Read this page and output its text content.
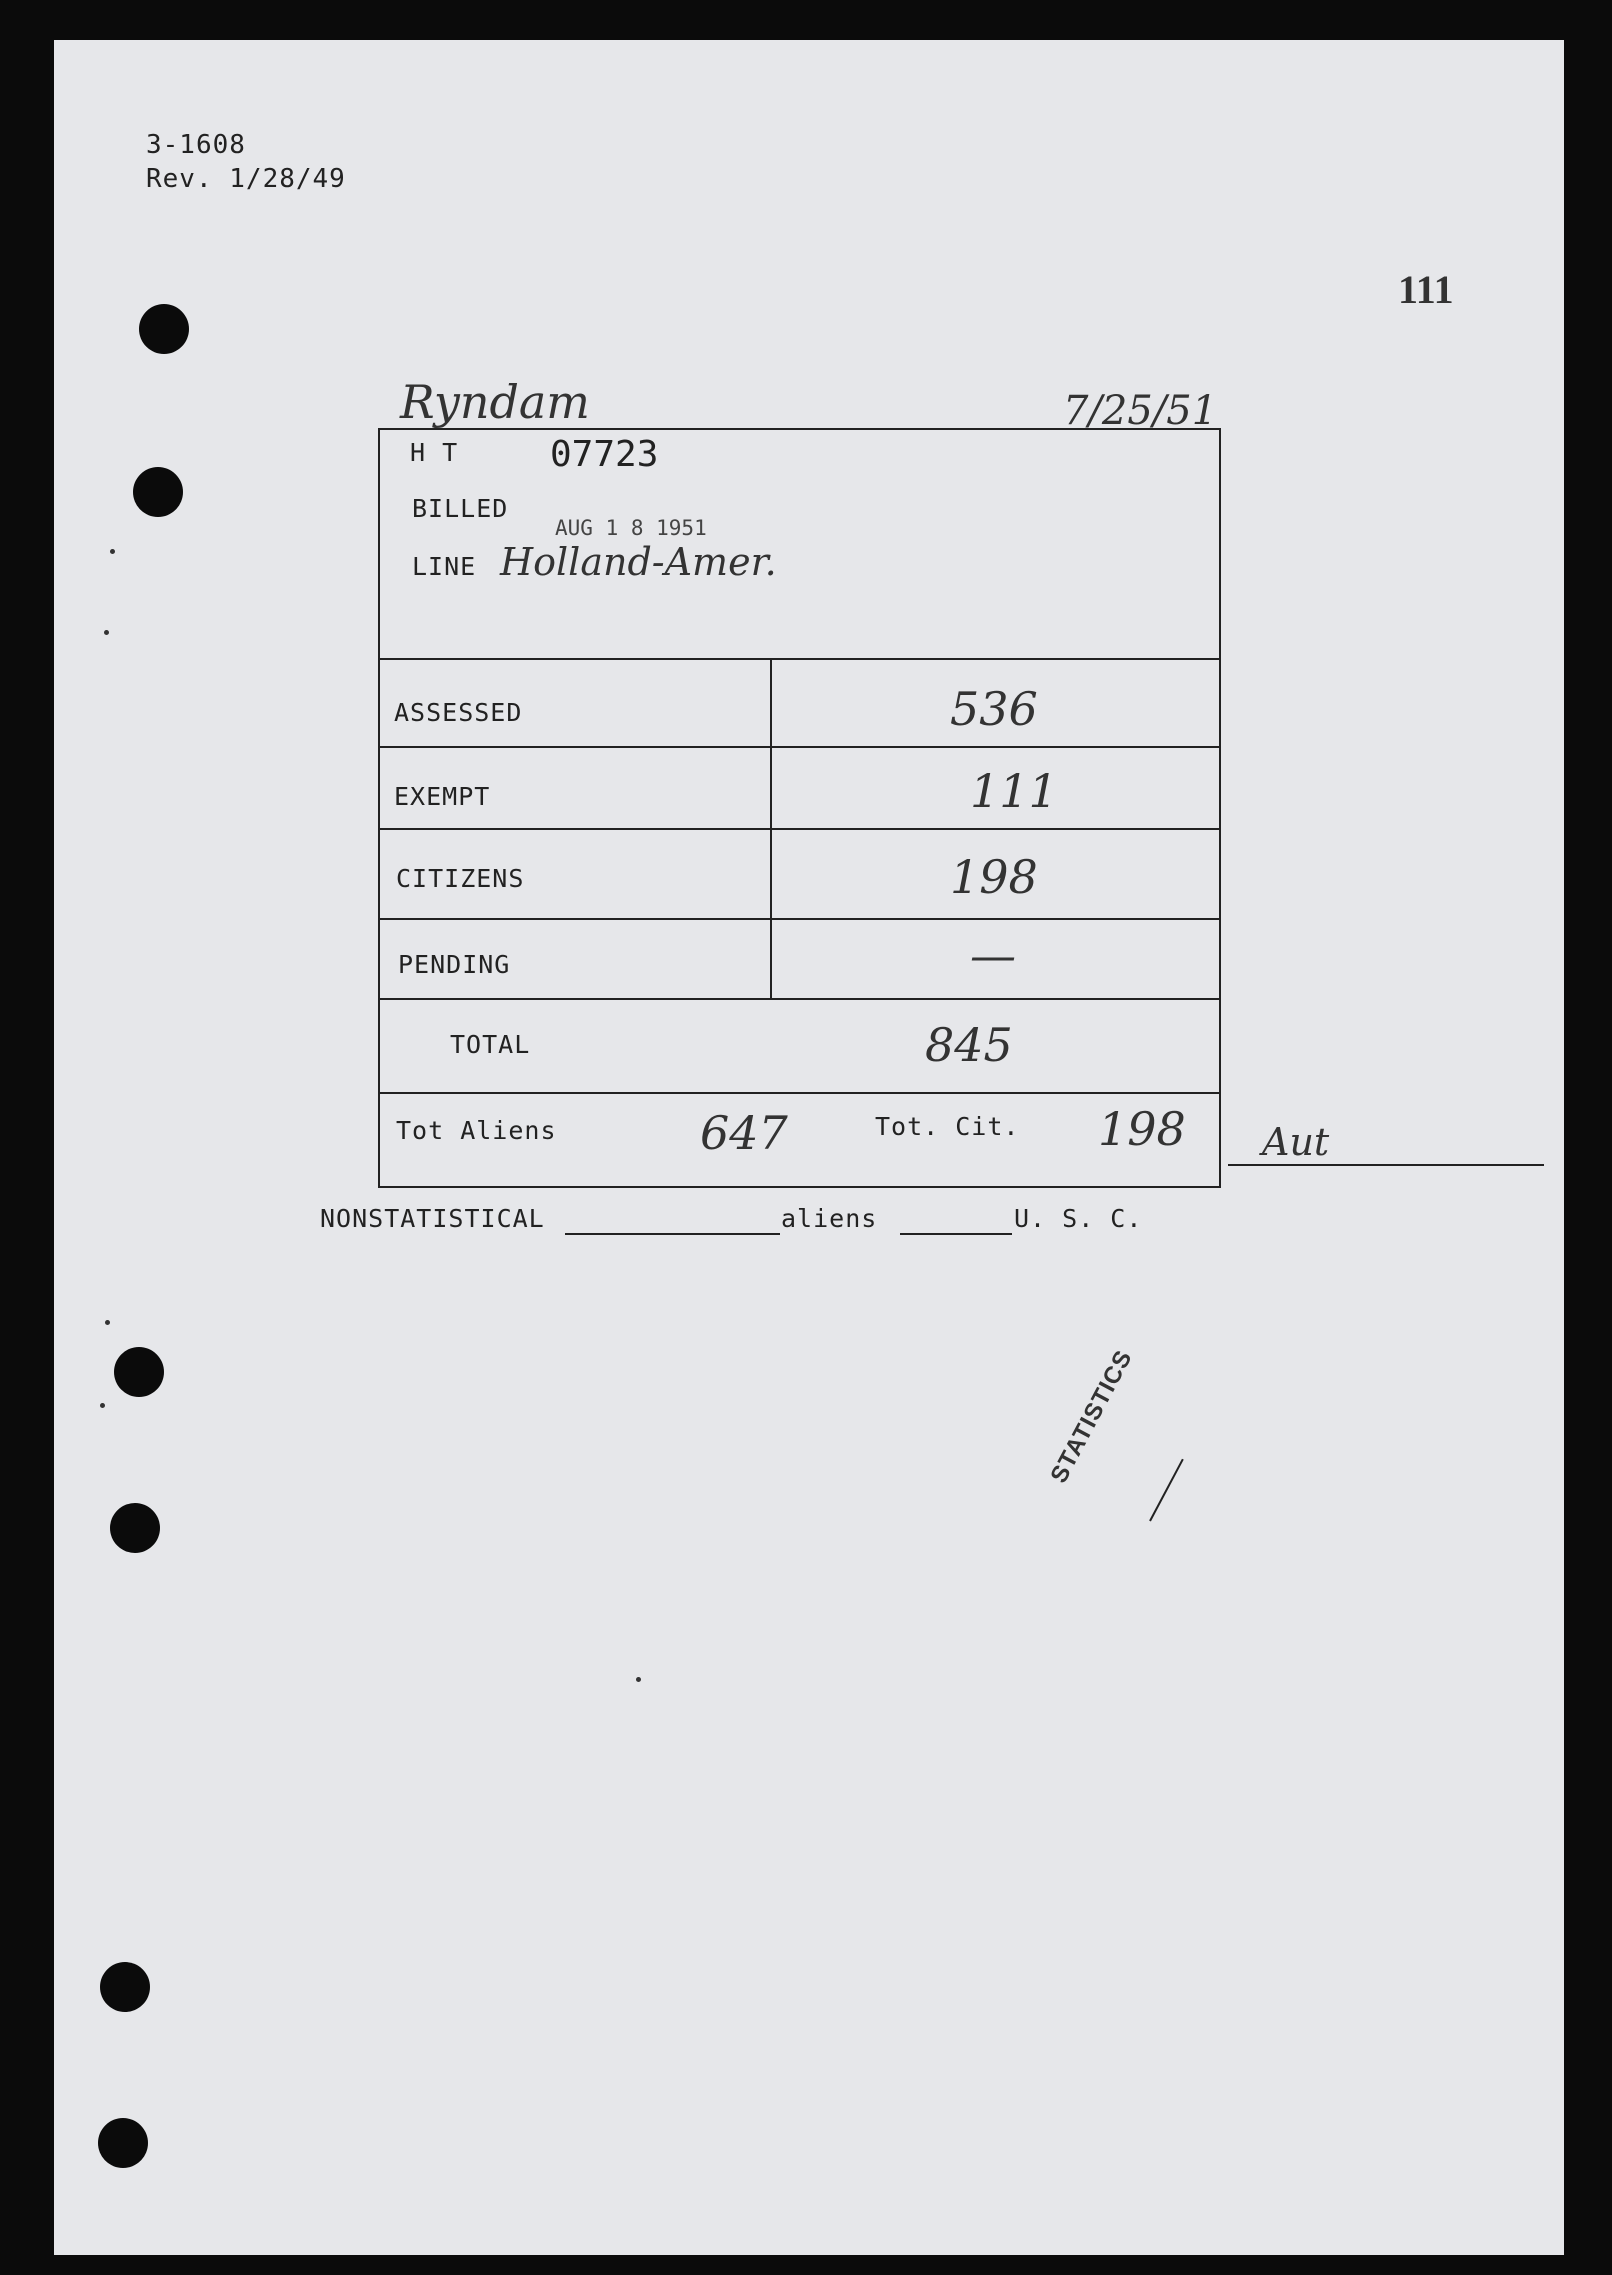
3-1608
Rev. 1/28/49
111
Ryndam	7/25/51
H T	07723
BILLED
AUG 1 8 1951
LINE Holland-Amer.
ASSESSED	536
EXEMPT	111
CITIZENS	198
PENDING	—
TOTAL	845
Tot Aliens	647	Tot. Cit. 198 Aut
NONSTATISTICAL	aliens	U. S. C.
STATISTICS
